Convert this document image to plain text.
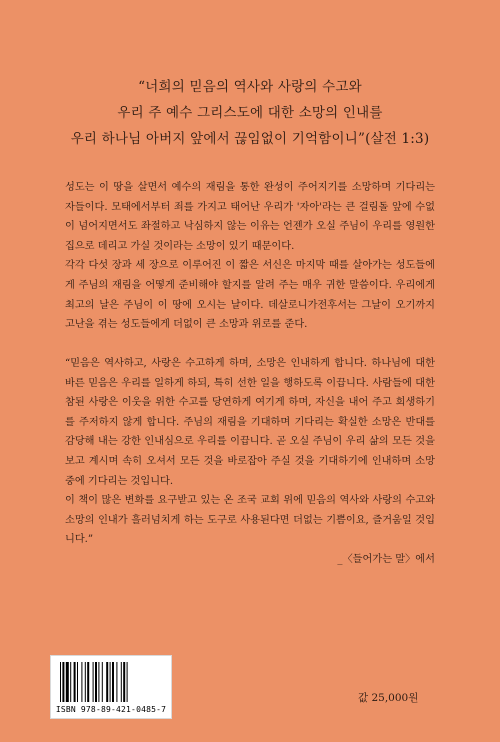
“너희의 믿음의 역사와 사랑의 수고와
우리 주 예수 그리스도에 대한 소망의 인내를
우리 하나님 아버지 앞에서 끊임없이 기억함이니”(살전 1:3)

성도는 이 땅을 살면서 예수의 재림을 통한 완성이 주어지기를 소망하며 기다리는 자들이다. 모태에서부터 죄를 가지고 태어난 우리가 '자아'라는 큰 걸림돌 앞에 수없이 넘어지면서도 좌절하고 낙심하지 않는 이유는 언젠가 오실 주님이 우리를 영원한 집으로 데리고 가실 것이라는 소망이 있기 때문이다.

각각 다섯 장과 세 장으로 이루어진 이 짧은 서신은 마지막 때를 살아가는 성도들에게 주님의 재림을 어떻게 준비해야 할지를 알려 주는 매우 귀한 말씀이다. 우리에게 최고의 날은 주님이 이 땅에 오시는 날이다. 데살로니가전후서는 그날이 오기까지 고난을 겪는 성도들에게 더없이 큰 소망과 위로를 준다.

“믿음은 역사하고, 사랑은 수고하게 하며, 소망은 인내하게 합니다. 하나님에 대한 바른 믿음은 우리를 일하게 하되, 특히 선한 일을 행하도록 이끕니다. 사람들에 대한 참된 사랑은 이웃을 위한 수고를 당연하게 여기게 하며, 자신을 내어 주고 희생하기를 주저하지 않게 합니다. 주님의 재림을 기대하며 기다리는 확실한 소망은 반대를 감당해 내는 강한 인내심으로 우리를 이끕니다. 곧 오실 주님이 우리 삶의 모든 것을 보고 계시며 속히 오셔서 모든 것을 바로잡아 주실 것을 기대하기에 인내하며 소망 중에 기다리는 것입니다.

이 책이 많은 변화를 요구받고 있는 온 조국 교회 위에 믿음의 역사와 사랑의 수고와 소망의 인내가 흘러넘치게 하는 도구로 사용된다면 더없는 기쁨이요, 즐거움일 것입니다.”

_〈들어가는 말〉에서

ISBN 978-89-421-0485-7
값 25,000원
